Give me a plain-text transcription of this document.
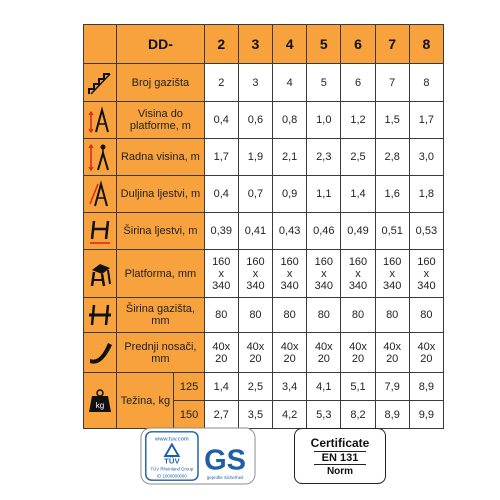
	DD-		2	3	4	5	6	7	8

	Broj gazišta		2	3	4	5	6	7	8

	Visina do platforme, m		0,4	0,6	0,8	1,0	1,2	1,5	1,7

	Radna visina, m		1,7	1,9	2,1	2,3	2,5	2,8	3,0

	Duljina ljestvi, m		0,4	0,7	0,9	1,1	1,4	1,6	1,8

	Širina ljestvi, m		0,39	0,41	0,43	0,46	0,49	0,51	0,53

	Platforma, mm		160
x
340	160
x
340	160
x
340	160
x
340	160
x
340	160
x
340	160
x
340

	Širina gazišta, mm		80	80	80	80	80	80	80

	Prednji nosači, mm		40x
20	40x
20	40x
20	40x
20	40x
20	40x
20	40x
20

kg	Težina, kg	125	1,4	2,5	3,4	4,1	5,1	7,9	8,9
		150	2,7	3,5	4,2	5,3	8,2	8,9	9,9
www.tuv.com
TÜV
TÜV Rheinland Group
ID 1000000000 GS
geprüfte Sicherheit
Certificate
EN 131
Norm
